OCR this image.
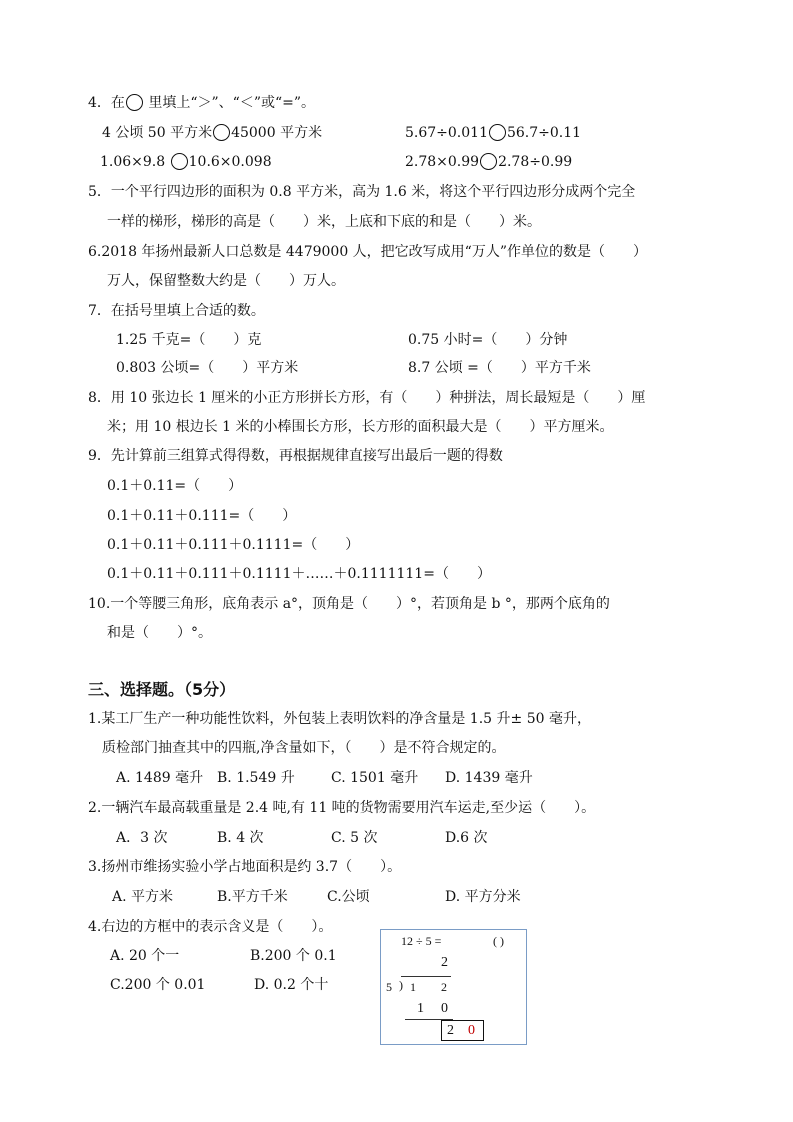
4．在 里填上“＞”、“＜”或“=”。
4 公顷 50 平方米 45000 平方米	5.67÷0.011 56.7÷0.11
1.06×9.8 10.6×0.098	2.78×0.99 2.78÷0.99
5．一个平行四边形的面积为 0.8 平方米，高为 1.6 米，将这个平行四边形分成两个完全
一样的梯形，梯形的高是（　　）米，上底和下底的和是（　　）米。
6.2018 年扬州最新人口总数是 4479000 人，把它改写成用“万人”作单位的数是（　　）
万人，保留整数大约是（　　）万人。
7．在括号里填上合适的数。
1.25 千克=（　　）克	0.75 小时=（　　）分钟
0.803 公顷=（　　）平方米	8.7 公顷 =（　　）平方千米
8．用 10 张边长 1 厘米的小正方形拼长方形，有（　　）种拼法，周长最短是（　　）厘
米；用 10 根边长 1 米的小棒围长方形，长方形的面积最大是（　　）平方厘米。
9．先计算前三组算式得得数，再根据规律直接写出最后一题的得数
0.1＋0.11=（　　）
0.1＋0.11＋0.111=（　　）
0.1＋0.11＋0.111＋0.1111=（　　）
0.1＋0.11＋0.111＋0.1111＋……＋0.1111111=（　　）
10.一个等腰三角形，底角表示 a°，顶角是（　　）°，若顶角是 b °，那两个底角的
和是（　　）°。
三、选择题。（5分）
1.某工厂生产一种功能性饮料，外包装上表明饮料的净含量是 1.5 升± 50 毫升，
质检部门抽查其中的四瓶,净含量如下，（　　）是不符合规定的。
A. 1489 毫升 B. 1.549 升	C. 1501 毫升 D. 1439 毫升
2.一辆汽车最高载重量是 2.4 吨,有 11 吨的货物需要用汽车运走,至少运（　　）。
A．3 次	B. 4 次	C. 5 次	D.6 次
3.扬州市维扬实验小学占地面积是约 3.7（　　）。
A. 平方米	B.平方千米	C.公顷	D. 平方分米
4.右边的方框中的表示含义是（　　）。
A. 20 个一	B.200 个 0.1
C.200 个 0.01	D. 0.2 个十
12 ÷ 5 =	( )
2
5 ) 1 2
1 0
2 0
